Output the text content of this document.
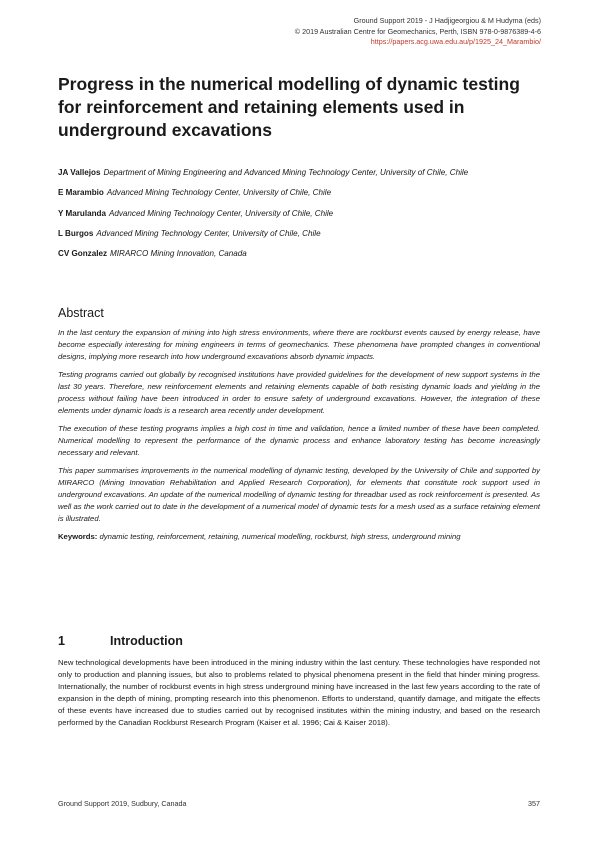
Ground Support 2019 - J Hadjigeorgiou & M Hudyma (eds)
© 2019 Australian Centre for Geomechanics, Perth, ISBN 978-0-9876389-4-6
https://papers.acg.uwa.edu.au/p/1925_24_Marambio/
Progress in the numerical modelling of dynamic testing for reinforcement and retaining elements used in underground excavations
JA Vallejos Department of Mining Engineering and Advanced Mining Technology Center, University of Chile, Chile
E Marambio Advanced Mining Technology Center, University of Chile, Chile
Y Marulanda Advanced Mining Technology Center, University of Chile, Chile
L Burgos Advanced Mining Technology Center, University of Chile, Chile
CV Gonzalez MIRARCO Mining Innovation, Canada
Abstract

In the last century the expansion of mining into high stress environments, where there are rockburst events caused by energy release, have become especially interesting for mining engineers in terms of geomechanics. These phenomena have prompted changes in conventional designs, implying more research into how underground excavations absorb dynamic impacts.

Testing programs carried out globally by recognised institutions have provided guidelines for the development of new support systems in the last 30 years. Therefore, new reinforcement elements and retaining elements capable of both resisting dynamic loads and yielding in the process without failing have been introduced in order to ensure safety of underground excavations. However, the integration of these elements under dynamic loads is a research area recently under development.

The execution of these testing programs implies a high cost in time and validation, hence a limited number of these have been completed. Numerical modelling to represent the performance of the dynamic process and enhance laboratory testing has become increasingly necessary and relevant.

This paper summarises improvements in the numerical modelling of dynamic testing, developed by the University of Chile and supported by MIRARCO (Mining Innovation Rehabilitation and Applied Research Corporation), for elements that constitute rock support used in underground excavations. An update of the numerical modelling of dynamic testing for threadbar used as rock reinforcement is presented. As well as the work carried out to date in the development of a numerical model of dynamic tests for a mesh used as a surface retaining element is illustrated.

Keywords: dynamic testing, reinforcement, retaining, numerical modelling, rockburst, high stress, underground mining

1	Introduction

New technological developments have been introduced in the mining industry within the last century. These technologies have responded not only to production and planning issues, but also to problems related to physical phenomena present in the field that hinder mining progress. Internationally, the number of rockburst events in high stress underground mining have increased in the last few years according to the rate of expansion in the depth of mining, prompting research into this phenomenon. Efforts to understand, quantify damage, and mitigate the effects of these events have increased due to studies carried out by recognised institutes within the mining industry, and based on the research performed by the Canadian Rockburst Research Program (Kaiser et al. 1996; Cai & Kaiser 2018).

Ground Support 2019, Sudbury, Canada	357
